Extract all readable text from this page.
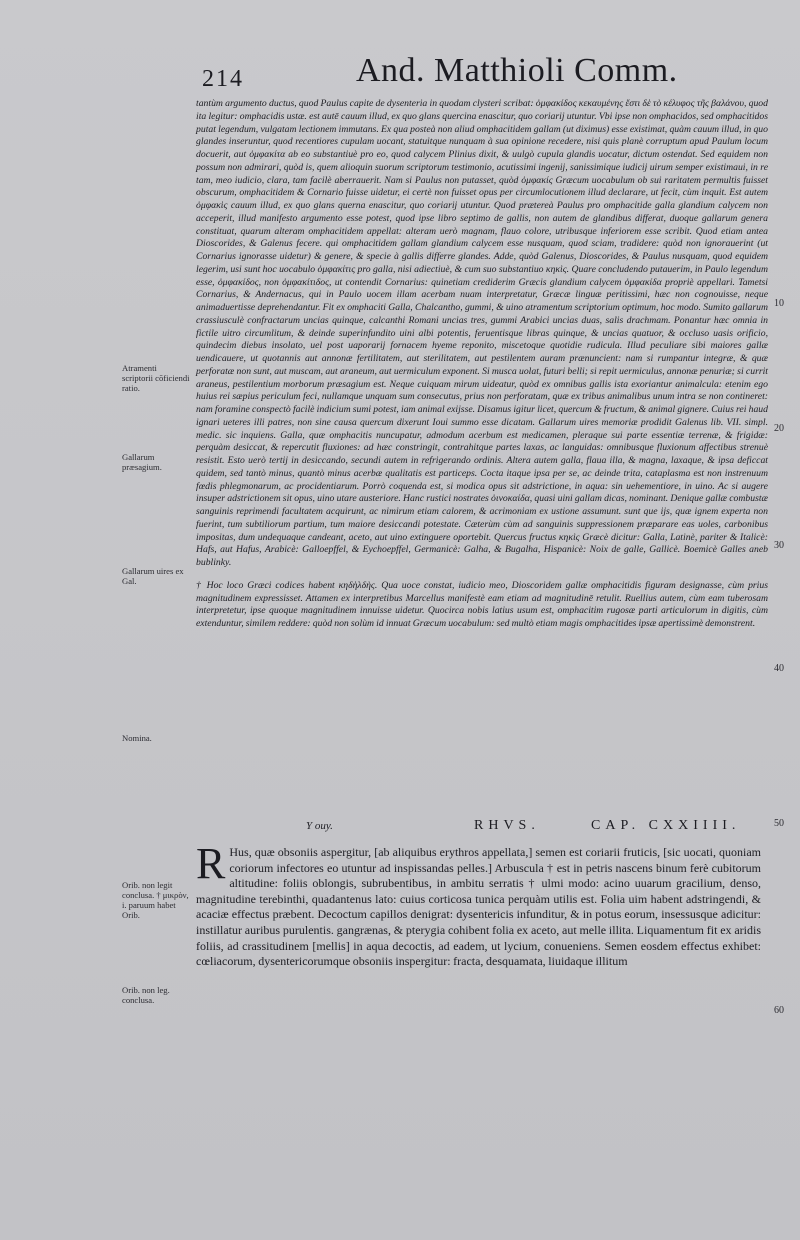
214	And. Matthioli Comm.

tantùm argumento ductus, quod Paulus capite de dysenteria in quodam clysteri scribat: ὀμφακίδος κεκαυμένης ἔστι δὲ τὸ κέλυφος τῆς βαλάνου, quod ita legitur: omphacidis ustæ. est autē cauum illud, ex quo glans quercina enascitur, quo coriarij utuntur. Vbi ipse non omphacidos, sed omphacitidos putat legendum, vulgatam lectionem immutans. Ex qua posteà non aliud omphacitidem gallam (ut diximus) esse existimat, quàm cauum illud, in quo glandes inseruntur, quod recentiores cupulam uocant, statuitque nunquam à sua opinione recedere, nisi quis planè corruptum apud Paulum locum docuerit, aut ὀμφακίτα ab eo substantiuè pro eo, quod calycem Plinius dixit, & uulgò cupula glandis uocatur, dictum ostendat. Sed equidem non possum non admirari, quòd is, quem alioquin suorum scriptorum testimonio, acutissimi ingenij, sanissimique iudicij uirum semper existimaui, in re tam, meo iudicio, clara, tam facilè aberrauerit. Nam si Paulus non putasset, quòd ὀμφακίς Græcum uocabulum ob sui raritatem permultis fuisset obscurum, omphacitidem & Cornario fuisse uidetur, ei certè non fuisset opus per circumlocutionem illud declarare, ut fecit, cùm inquit. Est autem ὀμφακὶς cauum illud, ex quo glans querna enascitur, quo coriarij utuntur. Quod prætereà Paulus pro omphacitide galla glandium calycem non acceperit, illud manifesto argumento esse potest, quod ipse libro septimo de gallis, non autem de glandibus differat, duoque gallarum genera constituat, quarum alteram omphacitidem appellat: alteram uerò magnam, flauo colore, utribusque inferiorem esse scribit. Quod etiam antea Dioscorides, & Galenus fecere. qui omphacitidem gallam glandium calycem esse nusquam, quod sciam, tradidere: quòd non ignorauerint (ut Cornarius ignorasse uidetur) & genere, & specie à gallis differre glandes. Adde, quòd Galenus, Dioscorides, & Paulus nusquam, quod equidem legerim, usi sunt hoc uocabulo ὀμφακίτις pro galla, nisi adiectiuè, & cum suo substantiuo κηκὶς. Quare concludendo putauerim, in Paulo legendum esse, ὀμφακίδος, non ὀμφακίτιδος, ut contendit Cornarius: quinetiam crediderim Græcis glandium calycem ὀμφακίδα propriè appellari. Tametsi Cornarius, & Andernacus, qui in Paulo uocem illam acerbam nuam interpretatur, Græcæ linguæ peritissimi, hæc non cognouisse, neque animaduertisse deprehendantur. Fit ex omphaciti Galla, Chalcantho, gummi, & uino atramentum scriptorium optimum, hoc modo. Sumito gallarum crassiusculè confractarum uncias quinque, calcanthi Romani uncias tres, gummi Arabici uncias duas, salis drachmam. Ponantur hæc omnia in fictile uitro circumlitum, & deinde superinfundito uini albi potentis, feruentisque libras quinque, & uncias quatuor, & occluso uasis orificio, quindecim diebus insolato, uel post uaporarij fornacem hyeme reponito, miscetoque quotidie rudicula. Illud peculiare sibi maiores gallæ uendicauere, ut quotannis aut annonæ fertilitatem, aut sterilitatem, aut pestilentem auram prænuncient: nam si rumpantur integræ, & quæ perforatæ non sunt, aut muscam, aut araneum, aut uermiculum exponent. Si musca uolat, futuri belli; si repit uermiculus, annonæ penuriæ; si currit araneus, pestilentium morborum præsagium est. Neque cuiquam mirum uideatur, quòd ex omnibus gallis ista exoriantur animalcula: etenim ego huius rei sæpius periculum feci, nullamque unquam sum consecutus, prius non perforatam, quæ ex tribus animalibus unum intra se non contineret: nam foramine conspectò facilè indicium sumi potest, iam animal exijsse. Disamus igitur licet, quercum & fructum, & animal gignere. Cuius rei haud ignari ueteres illi patres, non sine causa quercum dixerunt Ioui summo esse dicatam. Gallarum uires memoriæ prodidit Galenus lib. VII. simpl. medic. sic inquiens. Galla, quæ omphacitis nuncupatur, admodum acerbum est medicamen, pleraque sui parte essentiæ terrenæ, & frigidæ: perquàm desiccat, & repercutit fluxiones: ad hæc constringit, contrahitque partes laxas, ac languidas: omnibusque fluxionum affectibus strenuè resistit. Esto uerò tertij in desiccando, secundi autem in refrigerando ordinis. Altera autem galla, flaua illa, & magna, laxaque, & ipsa deficcat quidem, sed tantò minus, quantò minus acerbæ qualitatis est particeps. Cocta itaque ipsa per se, ac deinde trita, cataplasma est non instrenuum fœdis phlegmonarum, ac procidentiarum. Porrò coquenda est, si modica opus sit adstrictione, in aqua: sin uehementiore, in uino. Ac si augere insuper adstrictionem sit opus, uino utare austeriore. Hanc rustici nostrates ὀινοκαίδα, quasi uini gallam dicas, nominant. Denique gallæ combustæ sanguinis reprimendi facultatem acquirunt, ac nimirum etiam calorem, & acrimoniam ex ustione assumunt. sunt que ijs, quæ ignem experta non fuerint, tum subtiliorum partium, tum maiore desiccandi potestate. Cæterùm cùm ad sanguinis suppressionem præparare eas uoles, carbonibus impositas, dum undequaque candeant, aceto, aut uino extinguere oportebit. Quercus fructus κηκὶς Græcè dicitur: Galla, Latinè, pariter & Italicè: Hafs, aut Hafus, Arabicè: Galloepffel, & Eychoepffel, Germanicè: Galha, & Bugalha, Hispanicè: Noix de galle, Gallicè. Boemicè Galles aneb bublinky.

† Hoc loco Græci codices habent κηδὴλδὴς. Qua uoce constat, iudicio meo, Dioscoridem gallæ omphacitidis figuram designasse, cùm prius magnitudinem expressisset. Attamen ex interpretibus Marcellus manifestè eam etiam ad magnitudinē retulit. Ruellius autem, cùm eam tuberosam interpretetur, ipse quoque magnitudinem innuisse uidetur. Quocirca nobis latius usum est, omphacitim rugosæ parti articulorum in digitis, cùm extenduntur, similem reddere: quòd non solùm id innuat Græcum uocabulum: sed multò etiam magis omphacitides ipsæ apertissimè demonstrent.

Atramenti scriptorii cōficiendi ratio.
Gallarum præsagium.
Gallarum uires ex Gal.
Nomina.
Orib. non legit conclusa. † μικρὸν, i. paruum habet Orib.
Orib. non leg. conclusa.
10
20
30
40
50
60
Y ouy.	RHVS.	CAP. CXXIIII.

R Hus, quæ obsoniis aspergitur, [ab aliquibus erythros appellata,] semen est coriarii fruticis, [sic uocati, quoniam coriorum infectores eo utuntur ad inspissandas pelles.] Arbuscula † est in petris nascens binum ferè cubitorum altitudine: foliis oblongis, subrubentibus, in ambitu serratis † ulmi modo: acino uuarum gracilium, denso, magnitudine terebinthi, quadantenus lato: cuius corticosa tunica perquàm utilis est. Folia uim habent adstringendi, & acaciæ effectus præbent. Decoctum capillos denigrat: dysentericis infunditur, & in potus eorum, insessusque adicitur: instillatur auribus purulentis. gangrænas, & pterygia cohibent folia ex aceto, aut melle illita. Liquamentum fit ex aridis foliis, ad crassitudinem [mellis] in aqua decoctis, ad eadem, ut lycium, conueniens. Semen eosdem effectus exhibet: cœliacorum, dysentericorumque obsoniis inspergitur: fracta, desquamata, liuidaque illitum
